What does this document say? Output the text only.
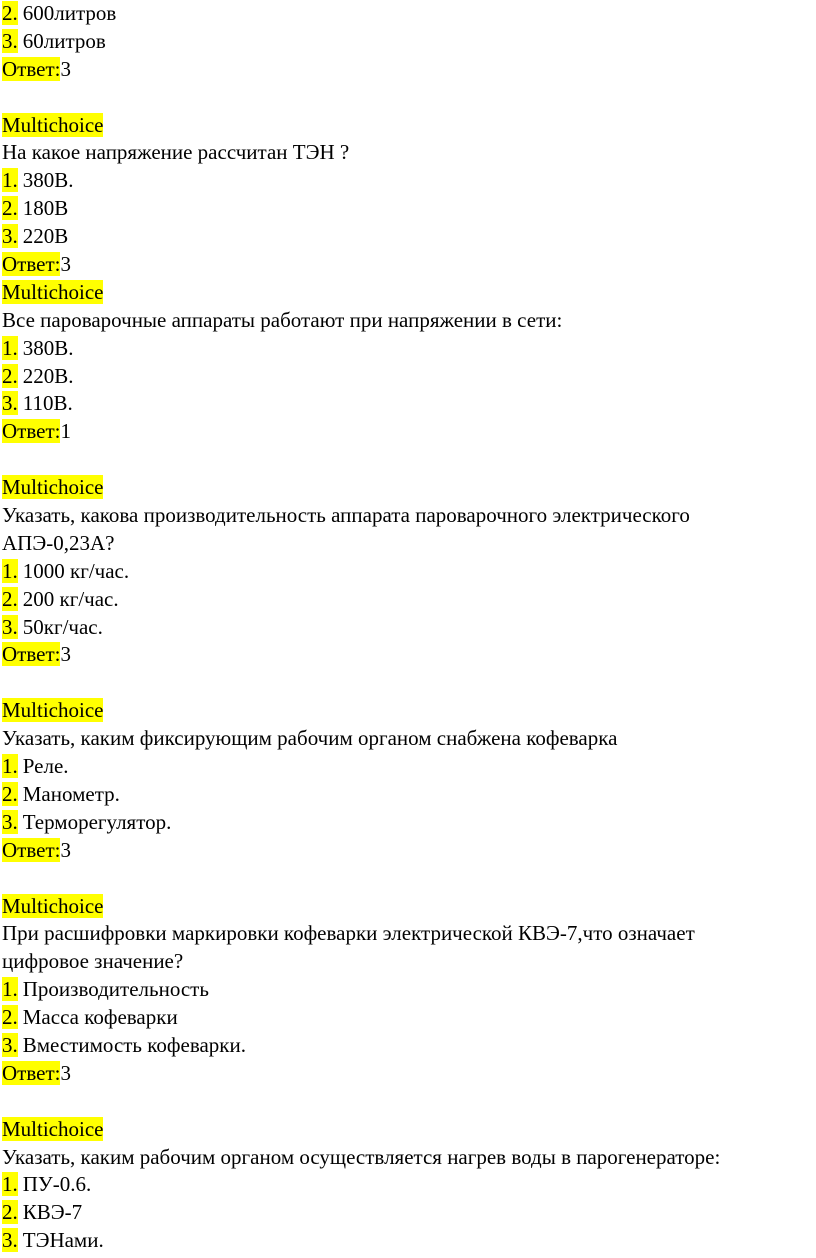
2. 600литров
3. 60литров
Ответ:3
Multichoice
На какое напряжение рассчитан ТЭН ?
1. 380В.
2. 180В
3. 220В
Ответ:3
Multichoice
Все пароварочные аппараты работают при напряжении в сети:
1. 380В.
2. 220В.
3. 110В.
Ответ:1
Multichoice
Указать, какова производительность аппарата пароварочного электрического
АПЭ-0,23А?
1. 1000 кг/час.
2. 200 кг/час.
3. 50кг/час.
Ответ:3
Multichoice
Указать, каким фиксирующим рабочим органом снабжена кофеварка
1. Реле.
2. Манометр.
3. Терморегулятор.
Ответ:3
Multichoice
При расшифровки маркировки кофеварки электрической КВЭ-7,что означает
цифровое значение?
1. Производительность
2. Масса кофеварки
3. Вместимость кофеварки.
Ответ:3
Multichoice
Указать, каким рабочим органом осуществляется нагрев воды в парогенераторе:
1. ПУ-0.6.
2. КВЭ-7
3. ТЭНами.
